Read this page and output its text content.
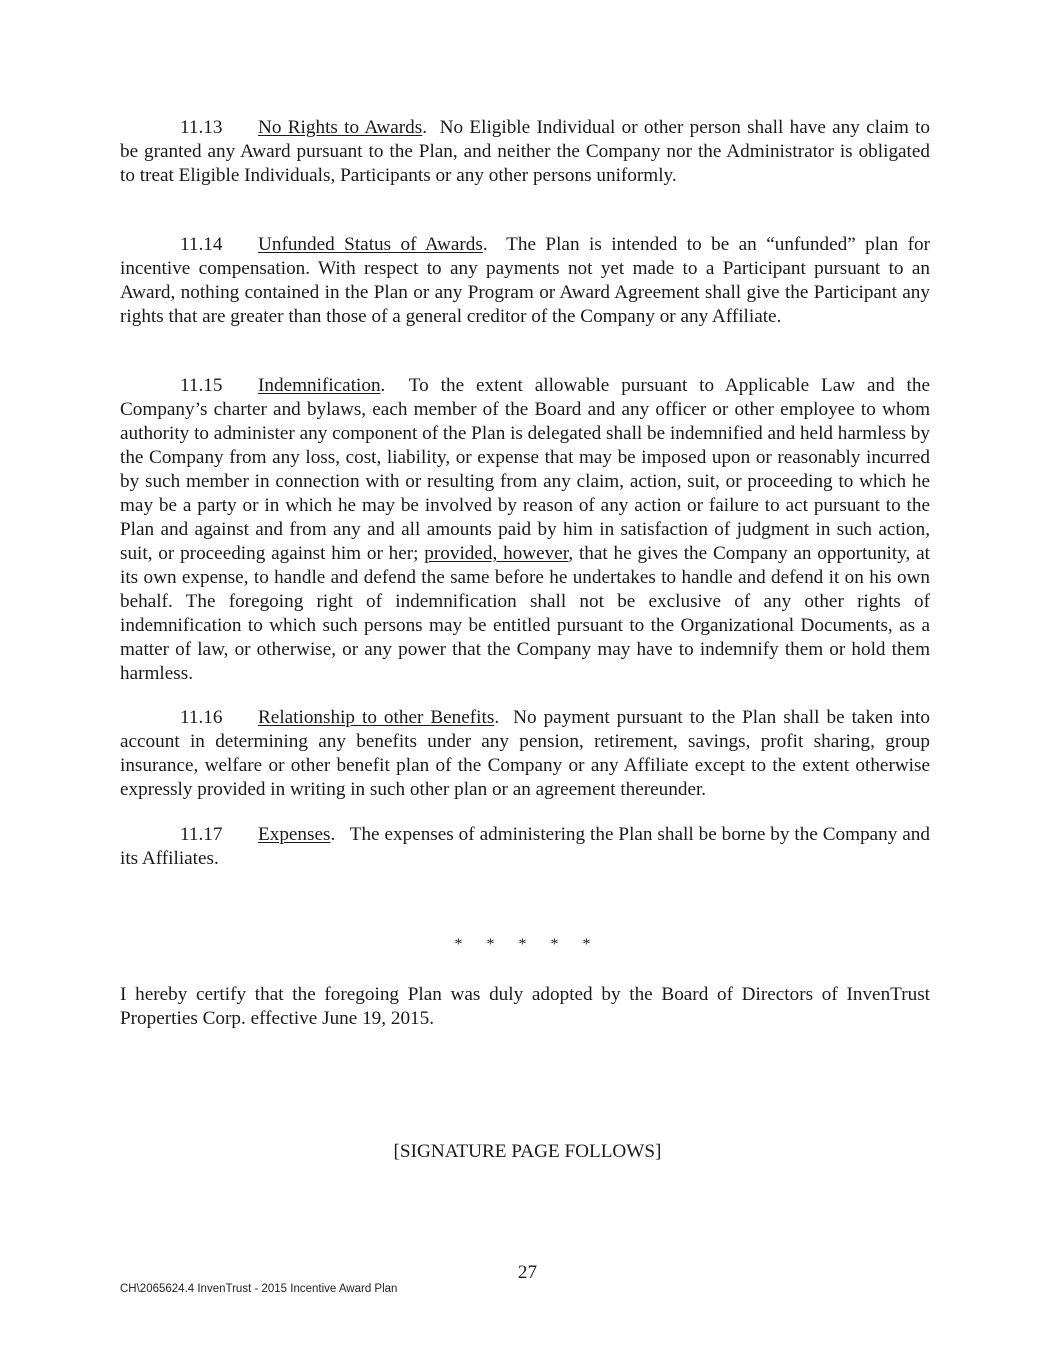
11.13 No Rights to Awards.  No Eligible Individual or other person shall have any claim to be granted any Award pursuant to the Plan, and neither the Company nor the Administrator is obligated to treat Eligible Individuals, Participants or any other persons uniformly.

11.14 Unfunded Status of Awards.  The Plan is intended to be an “unfunded” plan for incentive compensation. With respect to any payments not yet made to a Participant pursuant to an Award, nothing contained in the Plan or any Program or Award Agreement shall give the Participant any rights that are greater than those of a general creditor of the Company or any Affiliate.

11.15 Indemnification.  To the extent allowable pursuant to Applicable Law and the Company’s charter and bylaws, each member of the Board and any officer or other employee to whom authority to administer any component of the Plan is delegated shall be indemnified and held harmless by the Company from any loss, cost, liability, or expense that may be imposed upon or reasonably incurred by such member in connection with or resulting from any claim, action, suit, or proceeding to which he may be a party or in which he may be involved by reason of any action or failure to act pursuant to the Plan and against and from any and all amounts paid by him in satisfaction of judgment in such action, suit, or proceeding against him or her; provided, however, that he gives the Company an opportunity, at its own expense, to handle and defend the same before he undertakes to handle and defend it on his own behalf. The foregoing right of indemnification shall not be exclusive of any other rights of indemnification to which such persons may be entitled pursuant to the Organizational Documents, as a matter of law, or otherwise, or any power that the Company may have to indemnify them or hold them harmless.

11.16 Relationship to other Benefits.  No payment pursuant to the Plan shall be taken into account in determining any benefits under any pension, retirement, savings, profit sharing, group insurance, welfare or other benefit plan of the Company or any Affiliate except to the extent otherwise expressly provided in writing in such other plan or an agreement thereunder.

11.17 Expenses.   The expenses of administering the Plan shall be borne by the Company and its Affiliates.

* * * * *

I hereby certify that the foregoing Plan was duly adopted by the Board of Directors of InvenTrust Properties Corp. effective June 19, 2015.

[SIGNATURE PAGE FOLLOWS]
27
CH\2065624.4 InvenTrust - 2015 Incentive Award Plan
